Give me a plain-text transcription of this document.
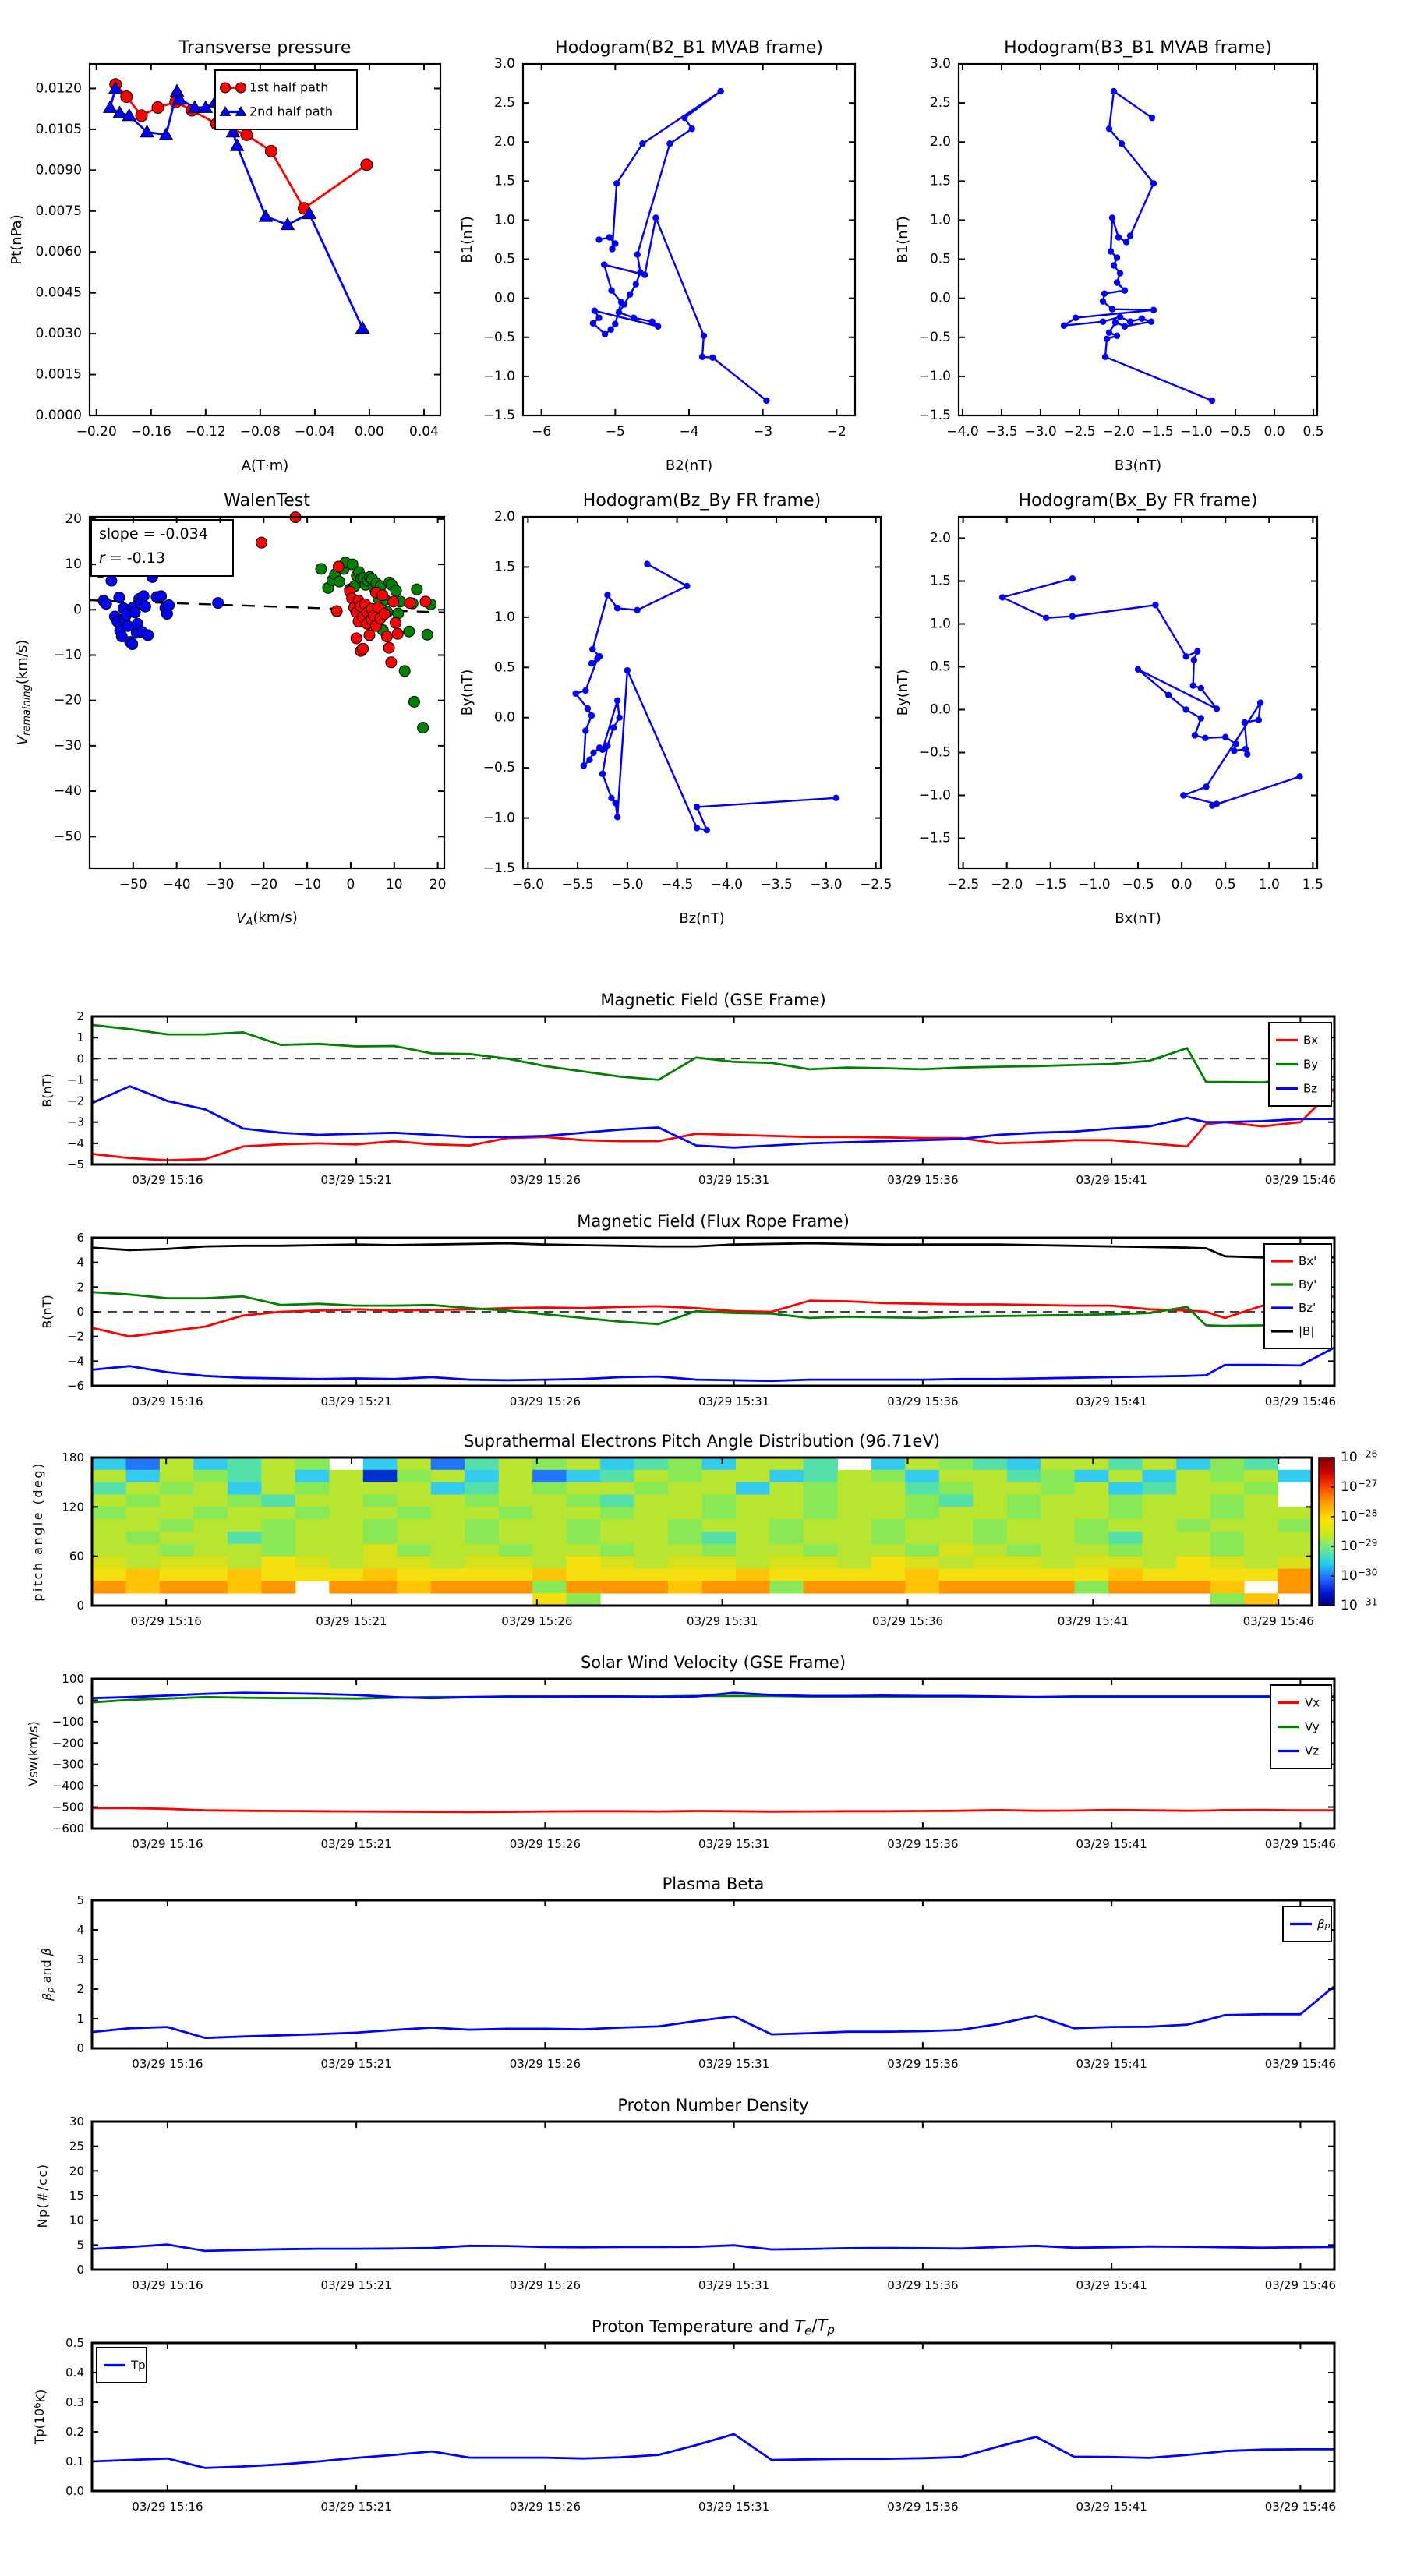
−0.20 −0.16 −0.12 −0.08 −0.04 0.00 0.04
0.0000
0.0015
0.0030
0.0045
0.0060
0.0075
0.0090
0.0105
0.0120
Transverse pressure
A(T·m)
Pt(nPa)
1st half path
2nd half path
−6	−5	−4	−3	−2
−1.5
−1.0
−0.5
0.0
0.5
1.0
1.5
2.0
2.5
3.0
Hodogram(B2_B1 MVAB frame)
B2(nT)
B1(nT)
−4.0 −3.5 −3.0 −2.5 −2.0 −1.5 −1.0 −0.5 0.0 0.5
−1.5
−1.0
−0.5
0.0
0.5
1.0
1.5
2.0
2.5
3.0
Hodogram(B3_B1 MVAB frame)
B3(nT)
B1(nT)
slope = -0.034
r = -0.13
−50 −40 −30 −20 −10 0 10 20
−50
−40
−30
−20
−10
0
10
20
WalenTest
VA(km/s)
Vremaining(km/s)
−6.0 −5.5 −5.0 −4.5 −4.0 −3.5 −3.0 −2.5
−1.5
−1.0
−0.5
0.0
0.5
1.0
1.5
2.0
Hodogram(Bz_By FR frame)
Bz(nT)
By(nT)
−2.5 −2.0 −1.5 −1.0 −0.5 0.0 0.5 1.0 1.5
−1.5
−1.0
−0.5
0.0
0.5
1.0
1.5
2.0
Hodogram(Bx_By FR frame)
Bx(nT)
By(nT)
03/29 15:16	03/29 15:21	03/29 15:26	03/29 15:31	03/29 15:36	03/29 15:41	03/29 15:46
−5
−4
−3
−2
−1
0
1
2
Magnetic Field (GSE Frame)
B(nT)
Bx
By
Bz
03/29 15:16	03/29 15:21	03/29 15:26	03/29 15:31	03/29 15:36	03/29 15:41	03/29 15:46
−6
−4
−2
0
2
4
6
Magnetic Field (Flux Rope Frame)
B(nT)
Bx'
By'
Bz'
|B|
$10^{-26}$
$10^{-27}$
$10^{-28}$
$10^{-29}$
$10^{-30}$
$10^{-31}$
03/29 15:16	03/29 15:21	03/29 15:26	03/29 15:31	03/29 15:36	03/29 15:41	03/29 15:46
0
60
120
180
Suprathermal Electrons Pitch Angle Distribution (96.71eV)
pitch angle (deg)
03/29 15:16	03/29 15:21	03/29 15:26	03/29 15:31	03/29 15:36	03/29 15:41	03/29 15:46
−600
−500
−400
−300
−200
−100
0
100
Solar Wind Velocity (GSE Frame)
Vsw(km/s)
Vx
Vy
Vz
03/29 15:16	03/29 15:21	03/29 15:26	03/29 15:31	03/29 15:36	03/29 15:41	03/29 15:46
0
1
2
3
4
5
Plasma Beta
βp and β
βp
03/29 15:16	03/29 15:21	03/29 15:26	03/29 15:31	03/29 15:36	03/29 15:41	03/29 15:46
0
5
10
15
20
25
30
Proton Number Density
Np(#/cc)
03/29 15:16	03/29 15:21	03/29 15:26	03/29 15:31	03/29 15:36	03/29 15:41	03/29 15:46
0.0
0.1
0.2
0.3
0.4
0.5
Proton Temperature and Te/Tp
$Tp(10^6K)$
Tp
